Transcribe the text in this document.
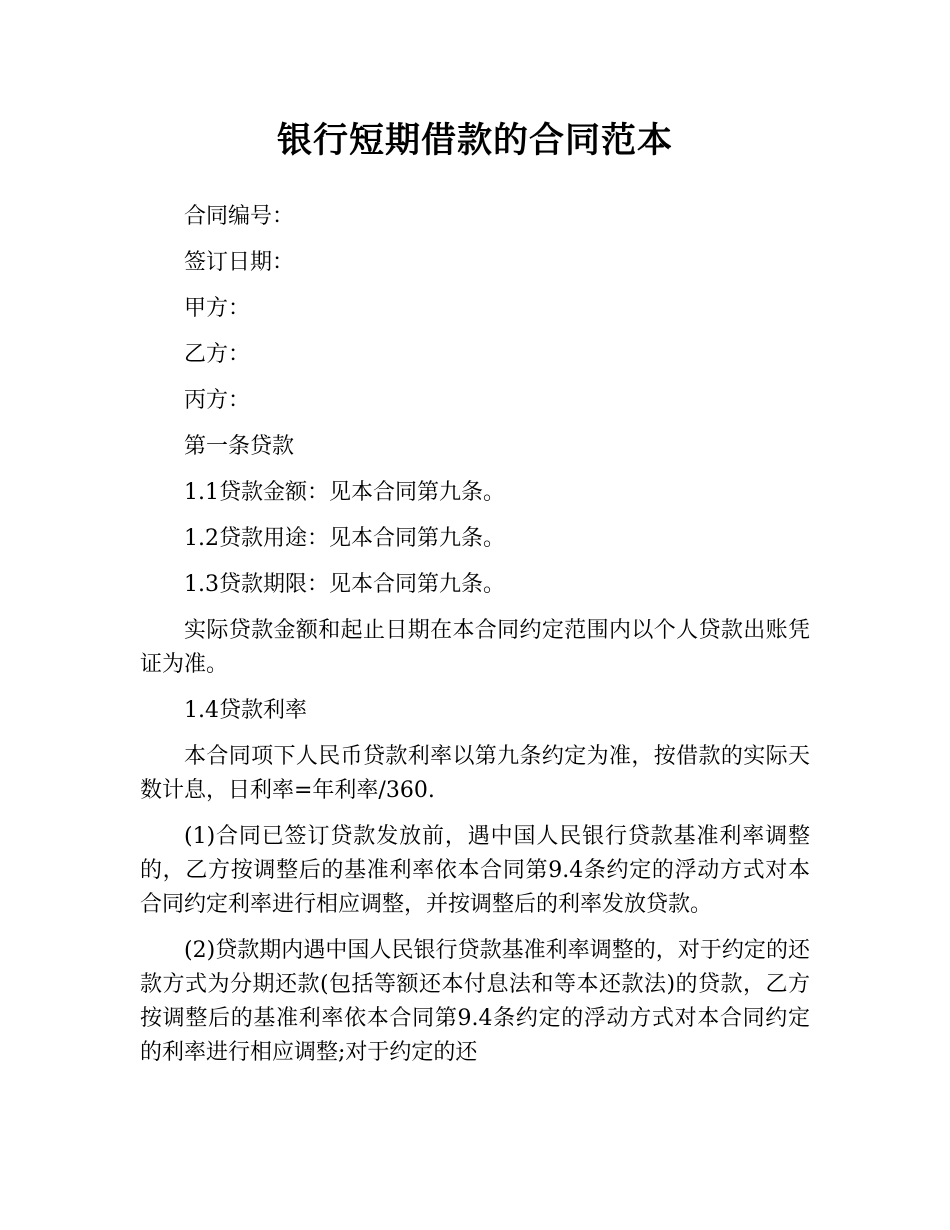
银行短期借款的合同范本

合同编号：

签订日期：

甲方：

乙方：

丙方：

第一条贷款

1.1贷款金额：见本合同第九条。

1.2贷款用途：见本合同第九条。

1.3贷款期限：见本合同第九条。

实际贷款金额和起止日期在本合同约定范围内以个人贷款出账凭证为准。

1.4贷款利率

本合同项下人民币贷款利率以第九条约定为准，按借款的实际天数计息，日利率=年利率/360.

(1)合同已签订贷款发放前，遇中国人民银行贷款基准利率调整的，乙方按调整后的基准利率依本合同第9.4条约定的浮动方式对本合同约定利率进行相应调整，并按调整后的利率发放贷款。

(2)贷款期内遇中国人民银行贷款基准利率调整的，对于约定的还款方式为分期还款(包括等额还本付息法和等本还款法)的贷款，乙方按调整后的基准利率依本合同第9.4条约定的浮动方式对本合同约定的利率进行相应调整;对于约定的还
